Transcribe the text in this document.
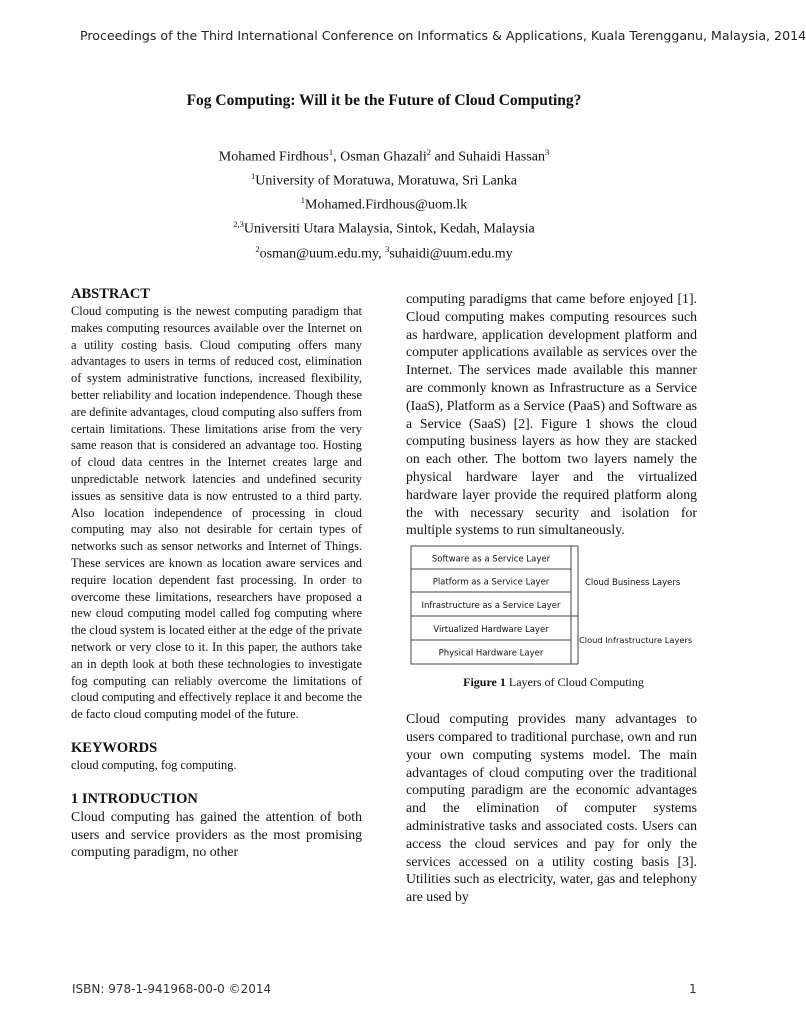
Proceedings of the Third International Conference on Informatics & Applications, Kuala Terengganu, Malaysia, 2014
Fog Computing: Will it be the Future of Cloud Computing?
Mohamed Firdhous$^1$, Osman Ghazali$^2$ and Suhaidi Hassan$^3$
$^1$University of Moratuwa, Moratuwa, Sri Lanka
$^1$Mohamed.Firdhous@uom.lk
$^{2,3}$Universiti Utara Malaysia, Sintok, Kedah, Malaysia
$^2$osman@uum.edu.my, $^3$suhaidi@uum.edu.my
ABSTRACT

Cloud computing is the newest computing paradigm that makes computing resources available over the Internet on a utility costing basis. Cloud computing offers many advantages to users in terms of reduced cost, elimination of system administrative functions, increased flexibility, better reliability and location independence. Though these are definite advantages, cloud computing also suffers from certain limitations. These limitations arise from the very same reason that is considered an advantage too. Hosting of cloud data centres in the Internet creates large and unpredictable network latencies and undefined security issues as sensitive data is now entrusted to a third party. Also location independence of processing in cloud computing may also not desirable for certain types of networks such as sensor networks and Internet of Things. These services are known as location aware services and require location dependent fast processing. In order to overcome these limitations, researchers have proposed a new cloud computing model called fog computing where the cloud system is located either at the edge of the private network or very close to it. In this paper, the authors take an in depth look at both these technologies to investigate fog computing can reliably overcome the limitations of cloud computing and effectively replace it and become the de facto cloud computing model of the future.

KEYWORDS

cloud computing, fog computing.

1 INTRODUCTION

Cloud computing has gained the attention of both users and service providers as the most promising computing paradigm, no other

computing paradigms that came before enjoyed [1]. Cloud computing makes computing resources such as hardware, application development platform and computer applications available as services over the Internet. The services made available this manner are commonly known as Infrastructure as a Service (IaaS), Platform as a Service (PaaS) and Software as a Service (SaaS) [2]. Figure 1 shows the cloud computing business layers as how they are stacked on each other. The bottom two layers namely the physical hardware layer and the virtualized hardware layer provide the required platform along the with necessary security and isolation for multiple systems to run simultaneously.

Software as a Service Layer
Platform as a Service Layer
Infrastructure as a Service Layer
Virtualized Hardware Layer
Physical Hardware Layer
Cloud Business Layers
Cloud Infrastructure Layers
Figure 1 Layers of Cloud Computing

Cloud computing provides many advantages to users compared to traditional purchase, own and run your own computing systems model. The main advantages of cloud computing over the traditional computing paradigm are the economic advantages and the elimination of computer systems administrative tasks and associated costs. Users can access the cloud services and pay for only the services accessed on a utility costing basis [3]. Utilities such as electricity, water, gas and telephony are used by

ISBN: 978-1-941968-00-0 ©2014	1
